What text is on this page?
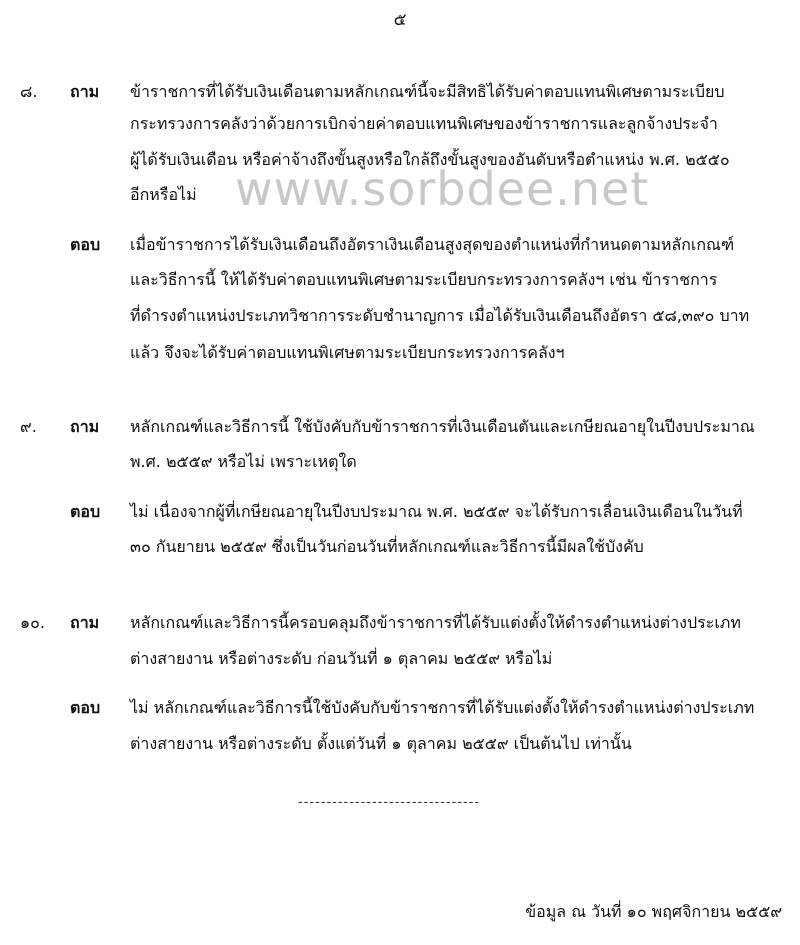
๕
www.sorbdee.net
๘. ถาม ข้าราชการที่ได้รับเงินเดือนตามหลักเกณฑ์นี้จะมีสิทธิได้รับค่าตอบแทนพิเศษตามระเบียบ
กระทรวงการคลังว่าด้วยการเบิกจ่ายค่าตอบแทนพิเศษของข้าราชการและลูกจ้างประจำ
ผู้ได้รับเงินเดือน หรือค่าจ้างถึงขั้นสูงหรือใกล้ถึงขั้นสูงของอันดับหรือตำแหน่ง พ.ศ. ๒๕๕๐
อีกหรือไม่
ตอบ เมื่อข้าราชการได้รับเงินเดือนถึงอัตราเงินเดือนสูงสุดของตำแหน่งที่กำหนดตามหลักเกณฑ์
และวิธีการนี้ ให้ได้รับค่าตอบแทนพิเศษตามระเบียบกระทรวงการคลังฯ เช่น ข้าราชการ
ที่ดำรงตำแหน่งประเภทวิชาการระดับชำนาญการ เมื่อได้รับเงินเดือนถึงอัตรา ๕๘,๓๙๐ บาท
แล้ว จึงจะได้รับค่าตอบแทนพิเศษตามระเบียบกระทรวงการคลังฯ
๙. ถาม หลักเกณฑ์และวิธีการนี้ ใช้บังคับกับข้าราชการที่เงินเดือนตันและเกษียณอายุในปีงบประมาณ
พ.ศ. ๒๕๕๙ หรือไม่ เพราะเหตุใด
ตอบ ไม่ เนื่องจากผู้ที่เกษียณอายุในปีงบประมาณ พ.ศ. ๒๕๕๙ จะได้รับการเลื่อนเงินเดือนในวันที่
๓๐ กันยายน ๒๕๕๙ ซึ่งเป็นวันก่อนวันที่หลักเกณฑ์และวิธีการนี้มีผลใช้บังคับ
๑๐. ถาม หลักเกณฑ์และวิธีการนี้ครอบคลุมถึงข้าราชการที่ได้รับแต่งตั้งให้ดำรงตำแหน่งต่างประเภท
ต่างสายงาน หรือต่างระดับ ก่อนวันที่ ๑ ตุลาคม ๒๕๕๙ หรือไม่
ตอบ ไม่ หลักเกณฑ์และวิธีการนี้ใช้บังคับกับข้าราชการที่ได้รับแต่งตั้งให้ดำรงตำแหน่งต่างประเภท
ต่างสายงาน หรือต่างระดับ ตั้งแต่วันที่ ๑ ตุลาคม ๒๕๕๙ เป็นต้นไป เท่านั้น
--------------------------------
ข้อมูล ณ วันที่ ๑๐ พฤศจิกายน ๒๕๕๙
